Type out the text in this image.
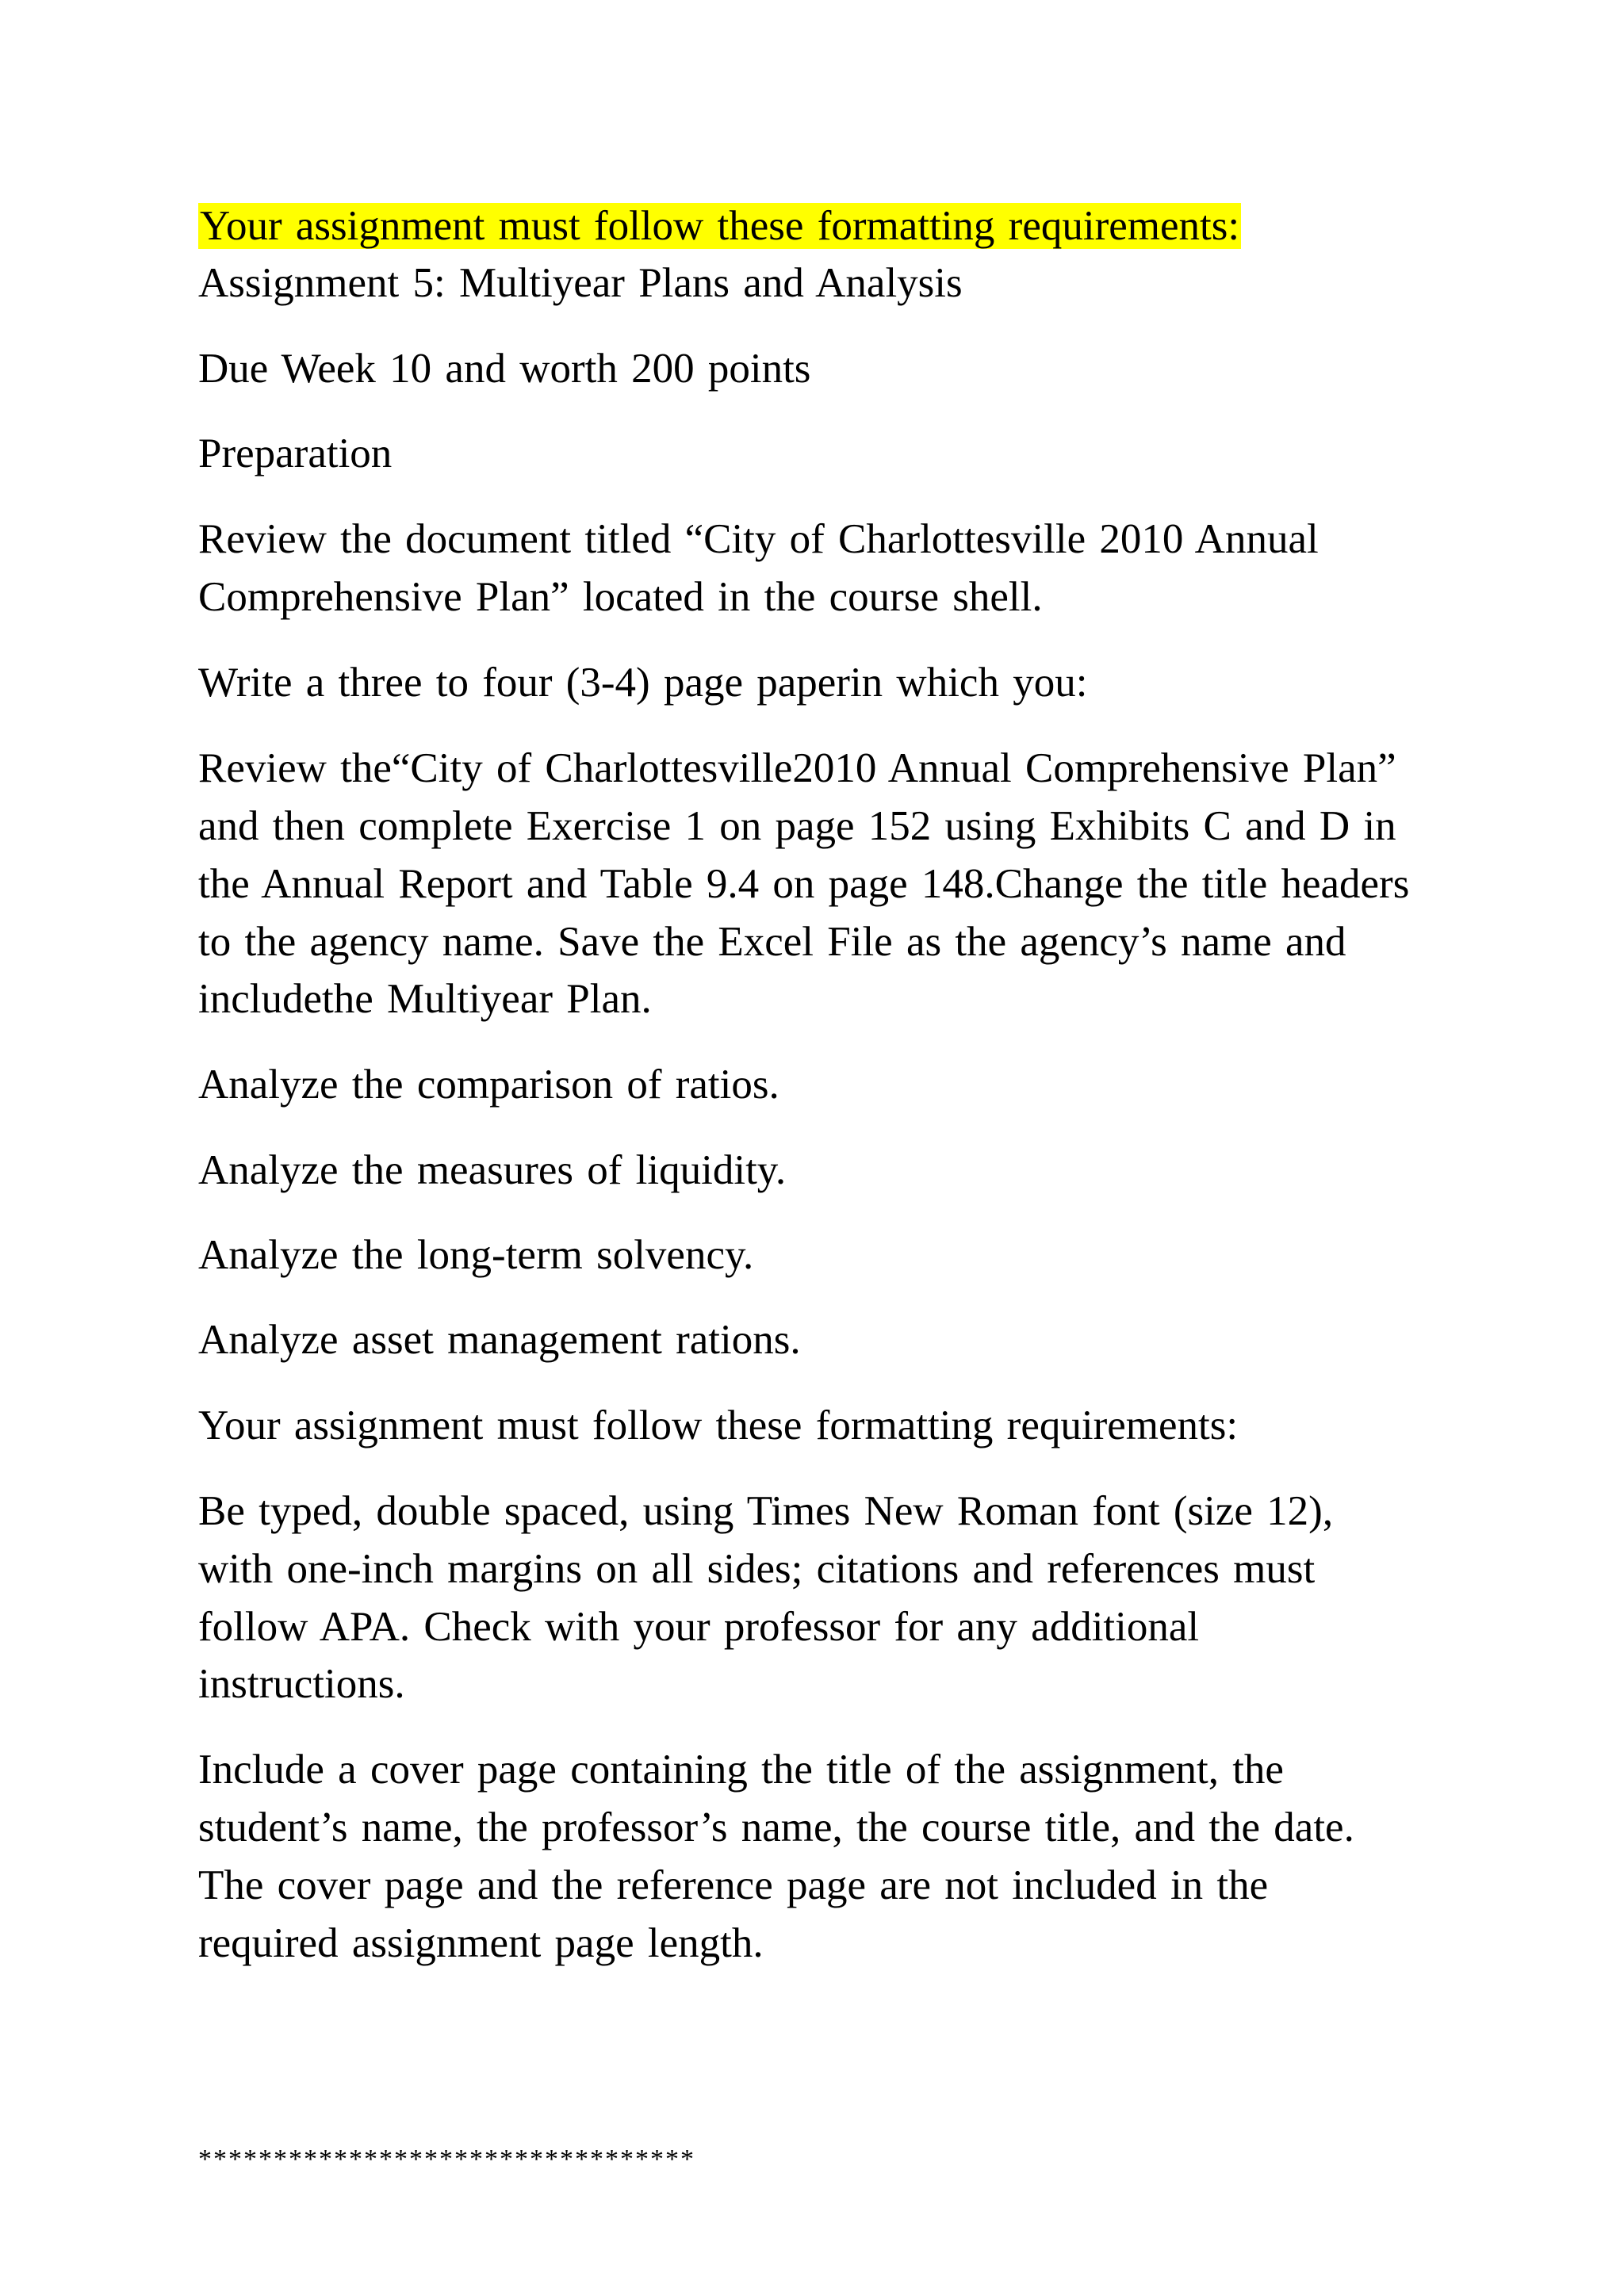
Your assignment must follow these formatting requirements:

Assignment 5: Multiyear Plans and Analysis

Due Week 10 and worth 200 points

Preparation

Review the document titled “City of Charlottesville 2010 Annual

Comprehensive Plan” located in the course shell.

Write a three to four (3-4) page paperin which you:

Review the“City of Charlottesville2010 Annual Comprehensive Plan”

and then complete Exercise 1 on page 152 using Exhibits C and D in

the Annual Report and Table 9.4 on page 148.Change the title headers

to the agency name. Save the Excel File as the agency’s name and

includethe Multiyear Plan.

Analyze the comparison of ratios.

Analyze the measures of liquidity.

Analyze the long-term solvency.

Analyze asset management rations.

Your assignment must follow these formatting requirements:

Be typed, double spaced, using Times New Roman font (size 12),

with one-inch margins on all sides; citations and references must

follow APA. Check with your professor for any additional

instructions.

Include a cover page containing the title of the assignment, the

student’s name, the professor’s name, the course title, and the date.

The cover page and the reference page are not included in the

required assignment page length.

*********************************
